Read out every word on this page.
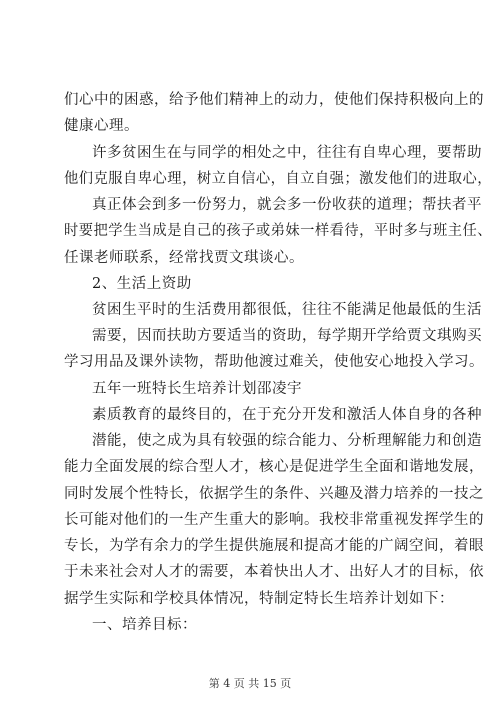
们心中的困惑，给予他们精神上的动力，使他们保持积极向上的
健康心理。
许多贫困生在与同学的相处之中，往往有自卑心理，要帮助
他们克服自卑心理，树立自信心，自立自强；激发他们的进取心，
真正体会到多一份努力，就会多一份收获的道理；帮扶者平
时要把学生当成是自己的孩子或弟妹一样看待，平时多与班主任、
任课老师联系，经常找贾文琪谈心。
2、生活上资助
贫困生平时的生活费用都很低，往往不能满足他最低的生活
需要，因而扶助方要适当的资助，每学期开学给贾文琪购买
学习用品及课外读物，帮助他渡过难关，使他安心地投入学习。
五年一班特长生培养计划邵凌宇
素质教育的最终目的，在于充分开发和激活人体自身的各种
潜能，使之成为具有较强的综合能力、分析理解能力和创造
能力全面发展的综合型人才，核心是促进学生全面和谐地发展，
同时发展个性特长，依据学生的条件、兴趣及潜力培养的一技之
长可能对他们的一生产生重大的影响。我校非常重视发挥学生的
专长，为学有余力的学生提供施展和提高才能的广阔空间，着眼
于未来社会对人才的需要，本着快出人才、出好人才的目标，依
据学生实际和学校具体情况，特制定特长生培养计划如下：
一、培养目标：
第 4 页 共 15 页
